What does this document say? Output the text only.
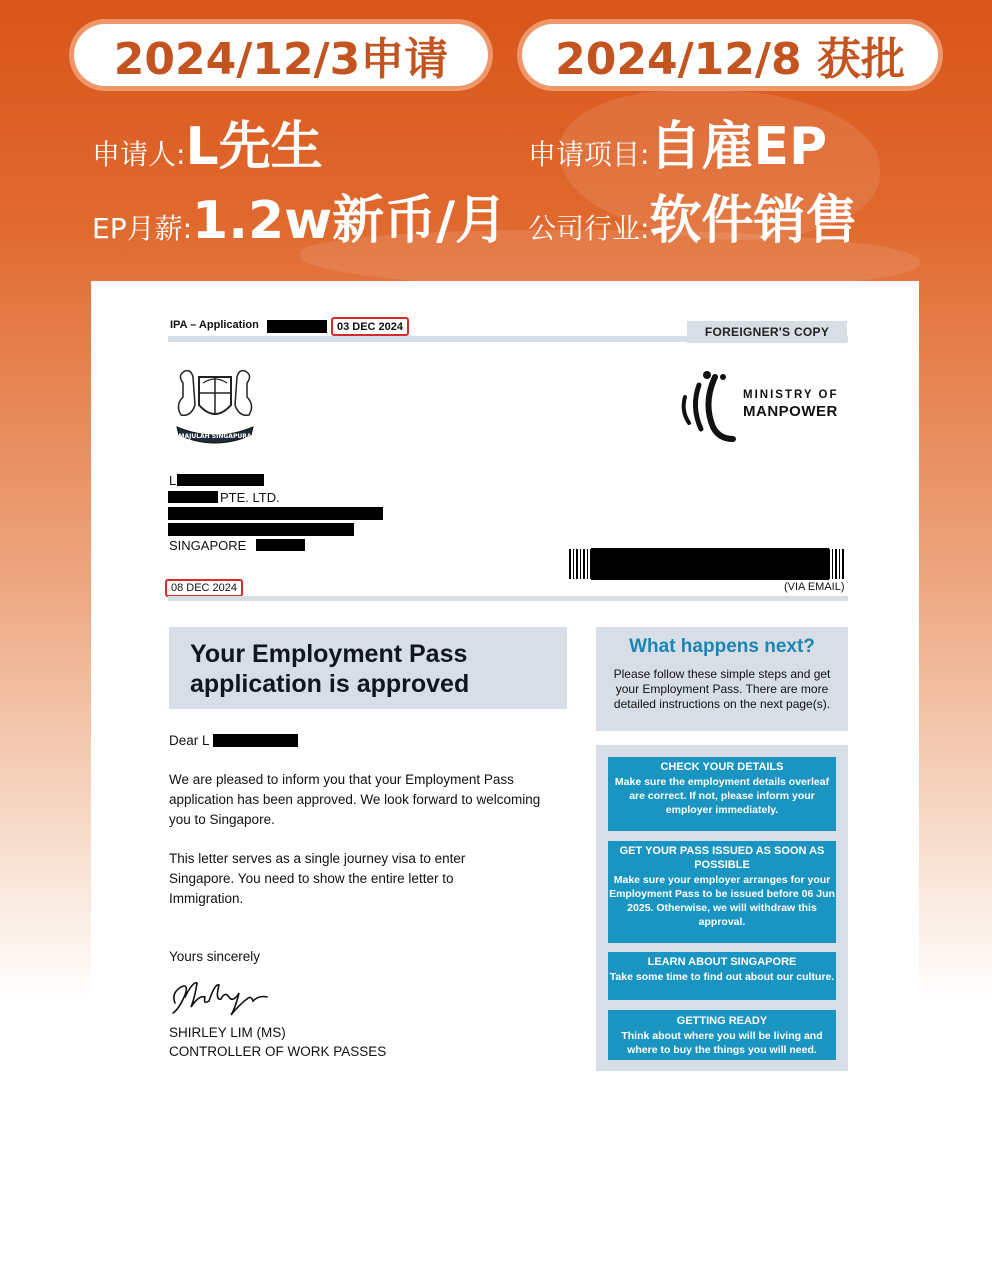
2024/12/3申请	2024/12/8 获批
申请人:L先生	申请项目:自雇EP
EP月薪:1.2w新币/月 公司行业:软件销售
IPA – Application	03 DEC 2024	FOREIGNER'S COPY
MAJULAH SINGAPURA
MINISTRY OF
MANPOWER
L
PTE. LTD.
SINGAPORE
08 DEC 2024	(VIA EMAIL)
Your Employment Pass application is approved
What happens next?
Please follow these simple steps and get your Employment Pass. There are more detailed instructions on the next page(s).
CHECK YOUR DETAILS
Make sure the employment details overleaf are correct. If not, please inform your employer immediately.
GET YOUR PASS ISSUED AS SOON AS POSSIBLE
Make sure your employer arranges for your Employment Pass to be issued before 06 Jun 2025. Otherwise, we will withdraw this approval.
LEARN ABOUT SINGAPORE
Take some time to find out about our culture.
GETTING READY
Think about where you will be living and where to buy the things you will need.
Dear L
We are pleased to inform you that your Employment Pass application has been approved. We look forward to welcoming you to Singapore.
This letter serves as a single journey visa to enter Singapore. You need to show the entire letter to Immigration.
Yours sincerely
SHIRLEY LIM (MS)
CONTROLLER OF WORK PASSES
